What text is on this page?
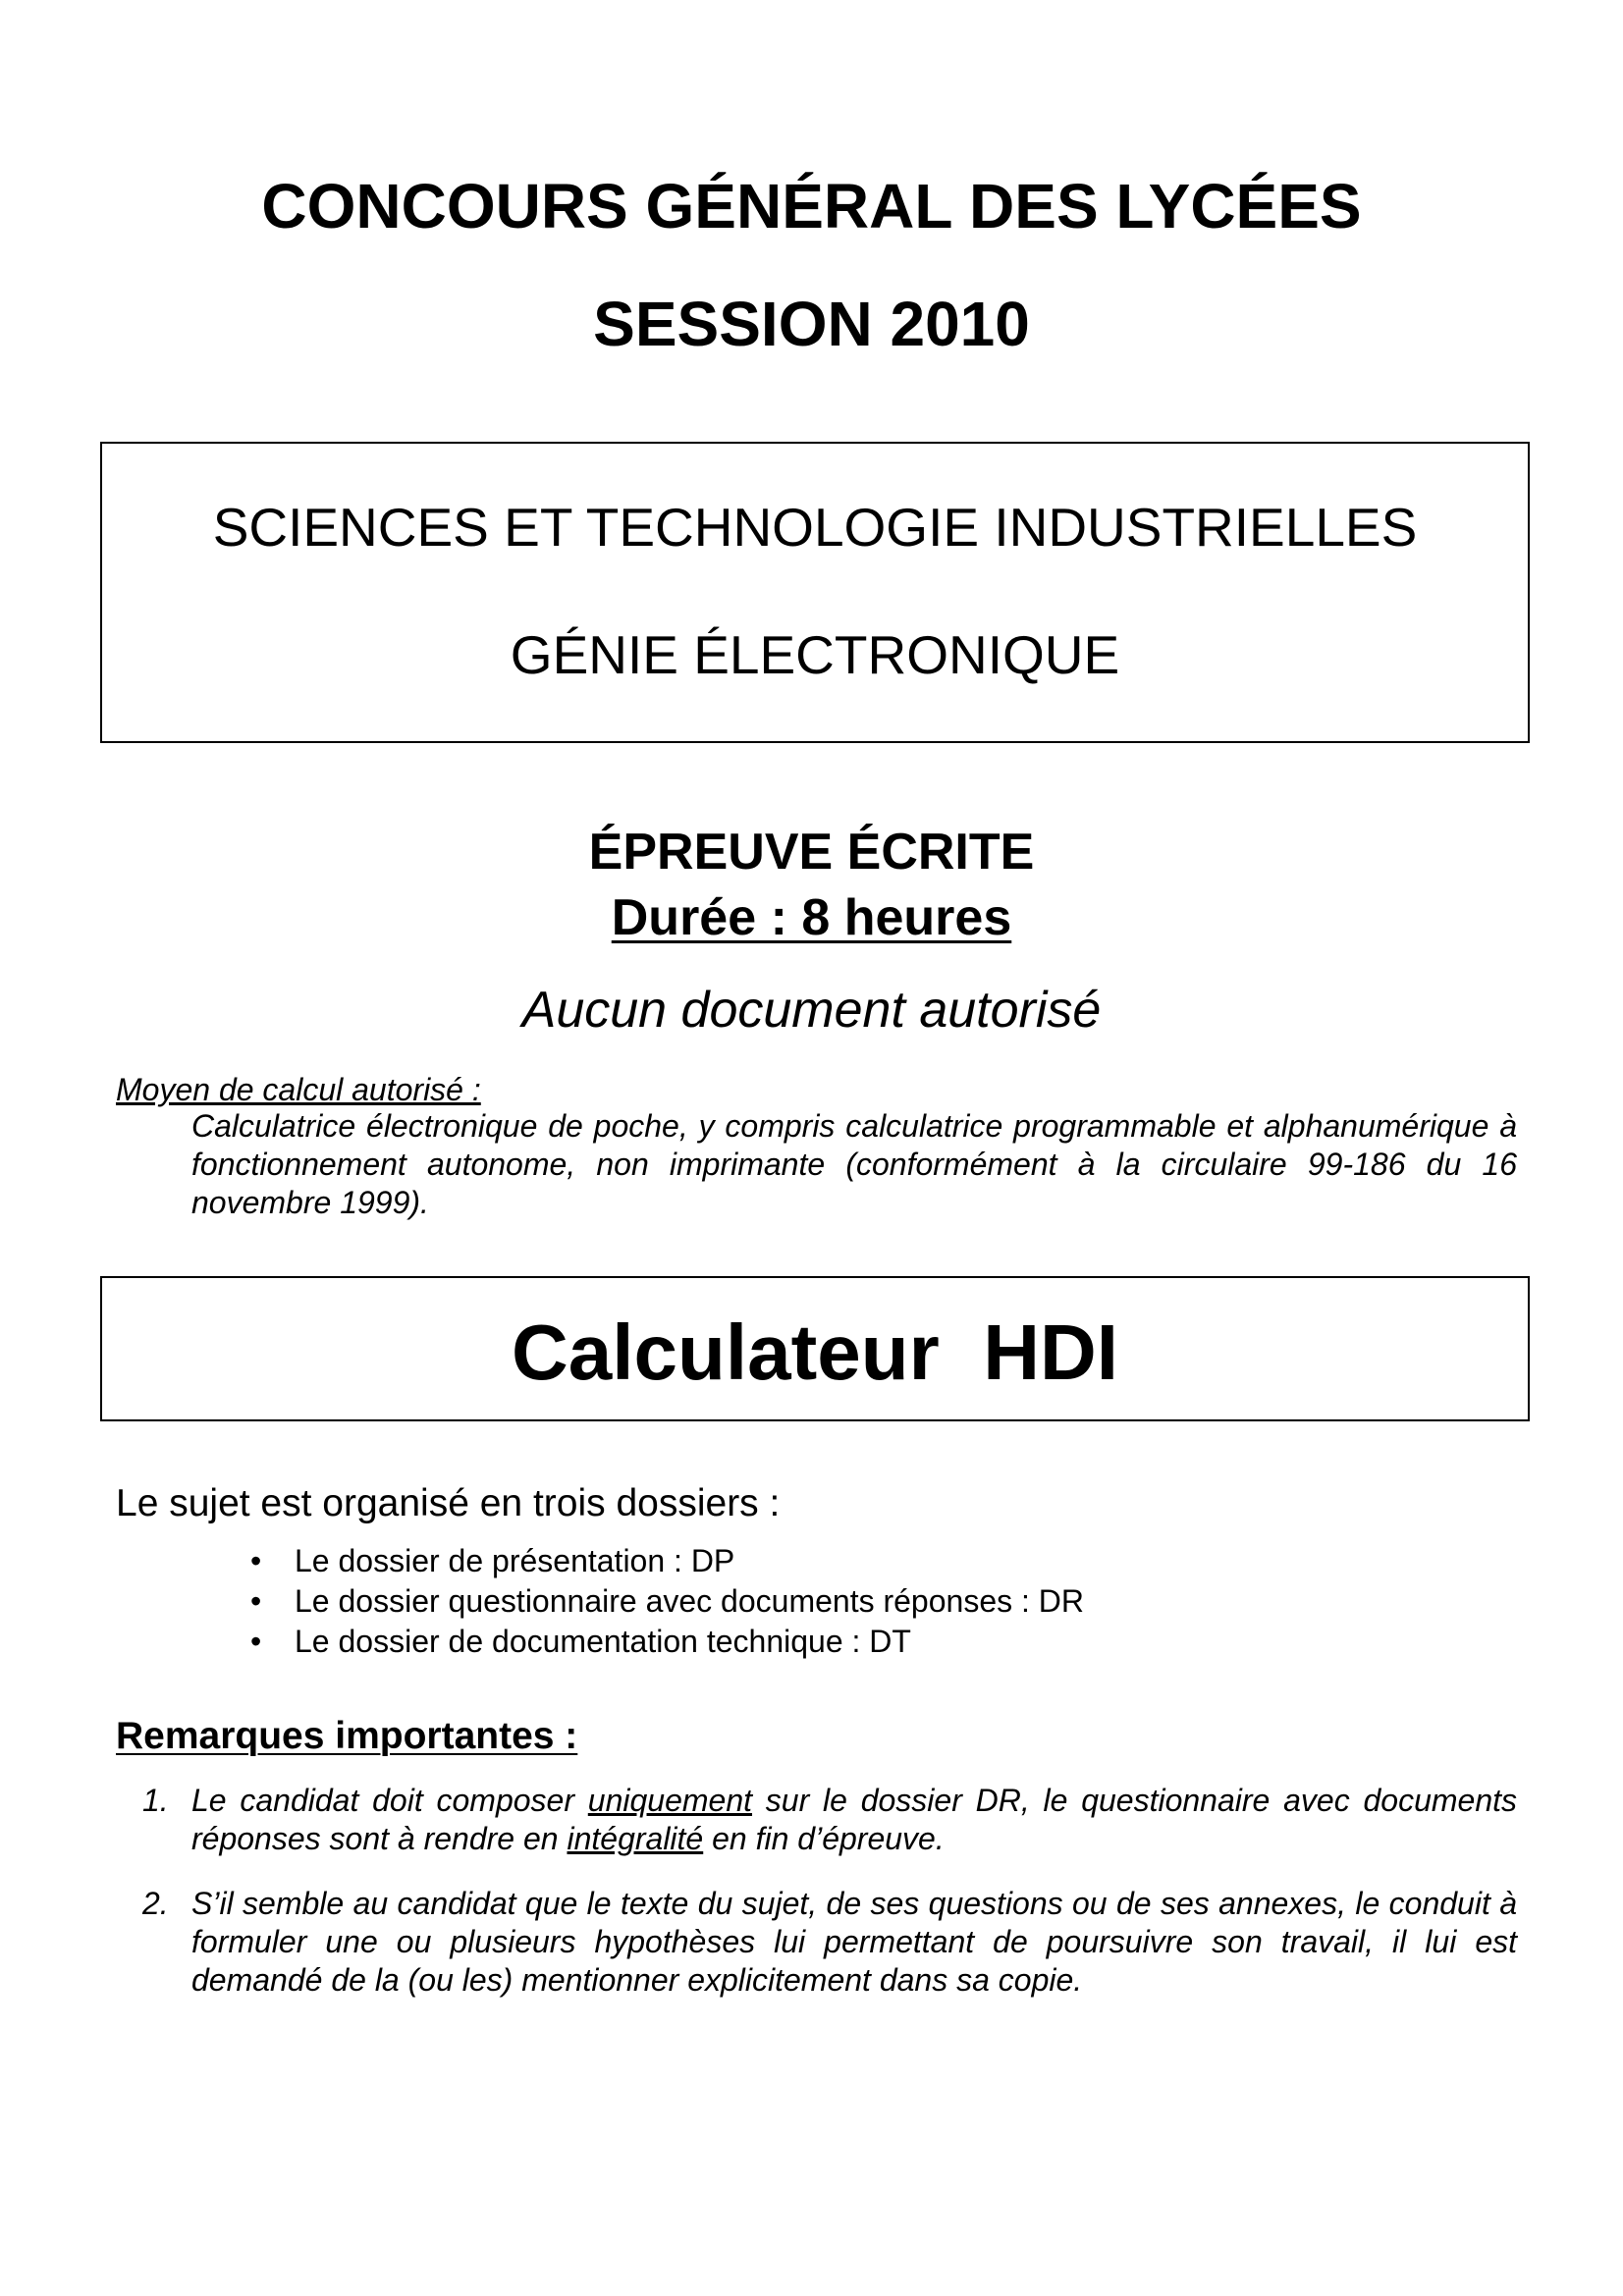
CONCOURS GÉNÉRAL DES LYCÉES
SESSION 2010
SCIENCES ET TECHNOLOGIE INDUSTRIELLES
GÉNIE ÉLECTRONIQUE
ÉPREUVE ÉCRITE
Durée : 8 heures
Aucun document autorisé
Moyen de calcul autorisé :
Calculatrice électronique de poche, y compris calculatrice programmable et alphanumérique à fonctionnement autonome, non imprimante (conformément à la circulaire 99-186 du 16 novembre 1999).
Calculateur  HDI
Le sujet est organisé en trois dossiers :
• Le dossier de présentation : DP
• Le dossier questionnaire avec documents réponses : DR
• Le dossier de documentation technique : DT
Remarques importantes :
1. Le candidat doit composer uniquement sur le dossier DR, le questionnaire avec documents réponses sont à rendre en intégralité en fin d’épreuve.
2. S’il semble au candidat que le texte du sujet, de ses questions ou de ses annexes, le conduit à formuler une ou plusieurs hypothèses lui permettant de poursuivre son travail, il lui est demandé de la (ou les) mentionner explicitement dans sa copie.
